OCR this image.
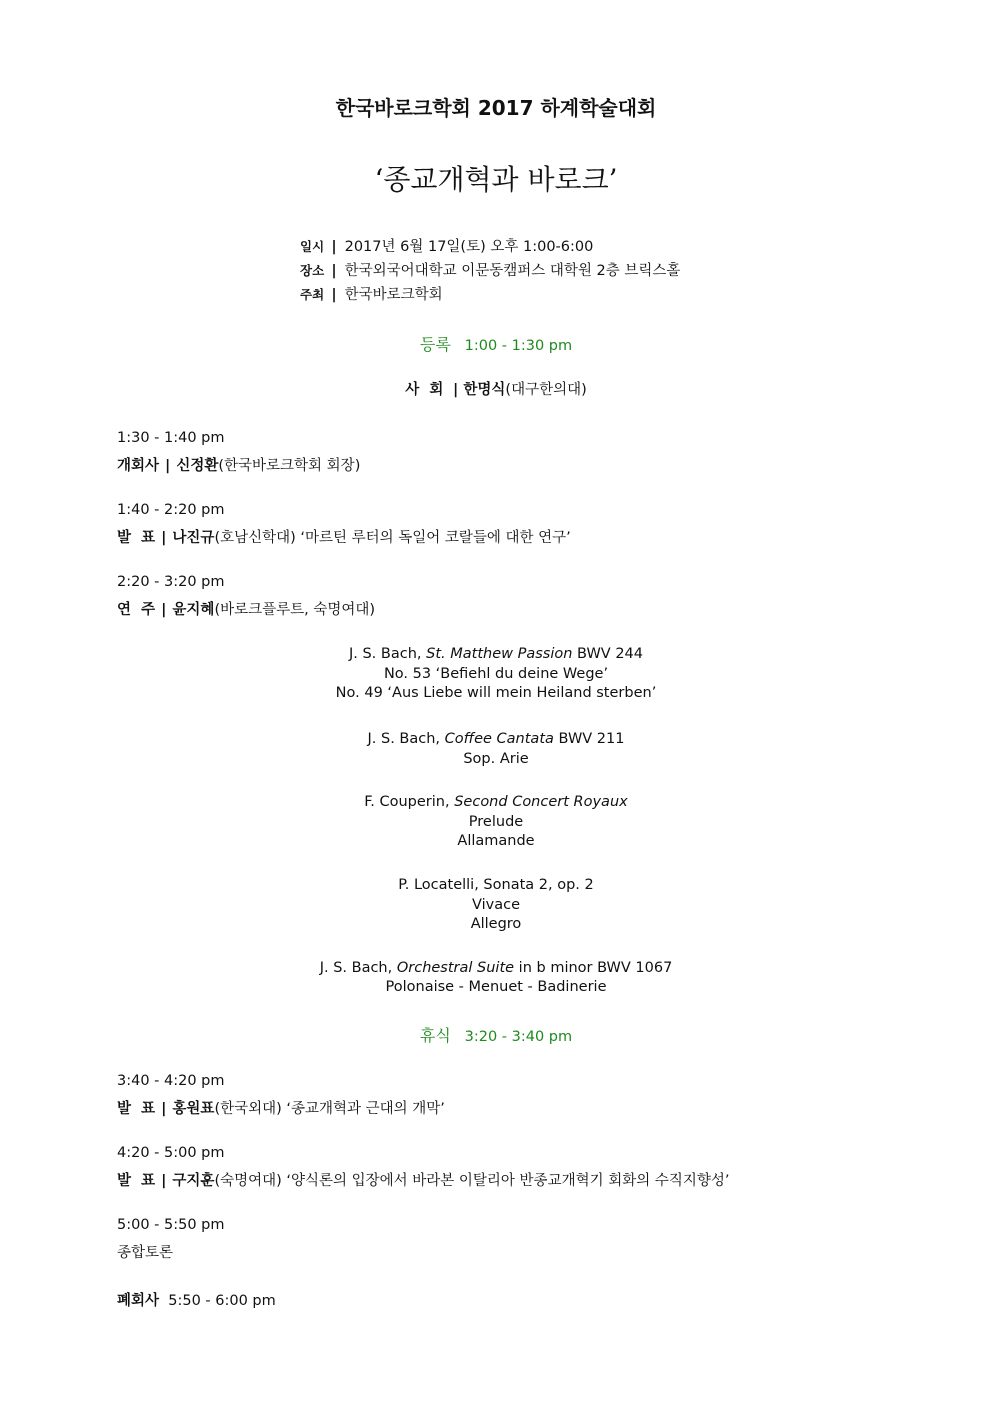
한국바로크학회 2017 하계학술대회
‘종교개혁과 바로크’
일시 | 2017년 6월 17일(토) 오후 1:00-6:00
장소 | 한국외국어대학교 이문동캠퍼스 대학원 2층 브릭스홀
주최 | 한국바로크학회
등록 1:00 - 1:30 pm
사  회  | 한명식(대구한의대)
1:30 - 1:40 pm
개회사 | 신정환(한국바로크학회 회장)
1:40 - 2:20 pm
발  표 | 나진규(호남신학대) ‘마르틴 루터의 독일어 코랄들에 대한 연구’
2:20 - 3:20 pm
연  주 | 윤지혜(바로크플루트, 숙명여대)
J. S. Bach, St. Matthew Passion BWV 244
No. 53 ‘Befiehl du deine Wege’
No. 49 ‘Aus Liebe will mein Heiland sterben’
J. S. Bach, Coffee Cantata BWV 211
Sop. Arie
F. Couperin, Second Concert Royaux
Prelude
Allamande
P. Locatelli, Sonata 2, op. 2
Vivace
Allegro
J. S. Bach, Orchestral Suite in b minor BWV 1067
Polonaise - Menuet - Badinerie
휴식 3:20 - 3:40 pm
3:40 - 4:20 pm
발  표 | 홍원표(한국외대) ‘종교개혁과 근대의 개막’
4:20 - 5:00 pm
발  표 | 구지훈(숙명여대) ‘양식론의 입장에서 바라본 이탈리아 반종교개혁기 회화의 수직지향성’
5:00 - 5:50 pm
종합토론
폐회사 5:50 - 6:00 pm
